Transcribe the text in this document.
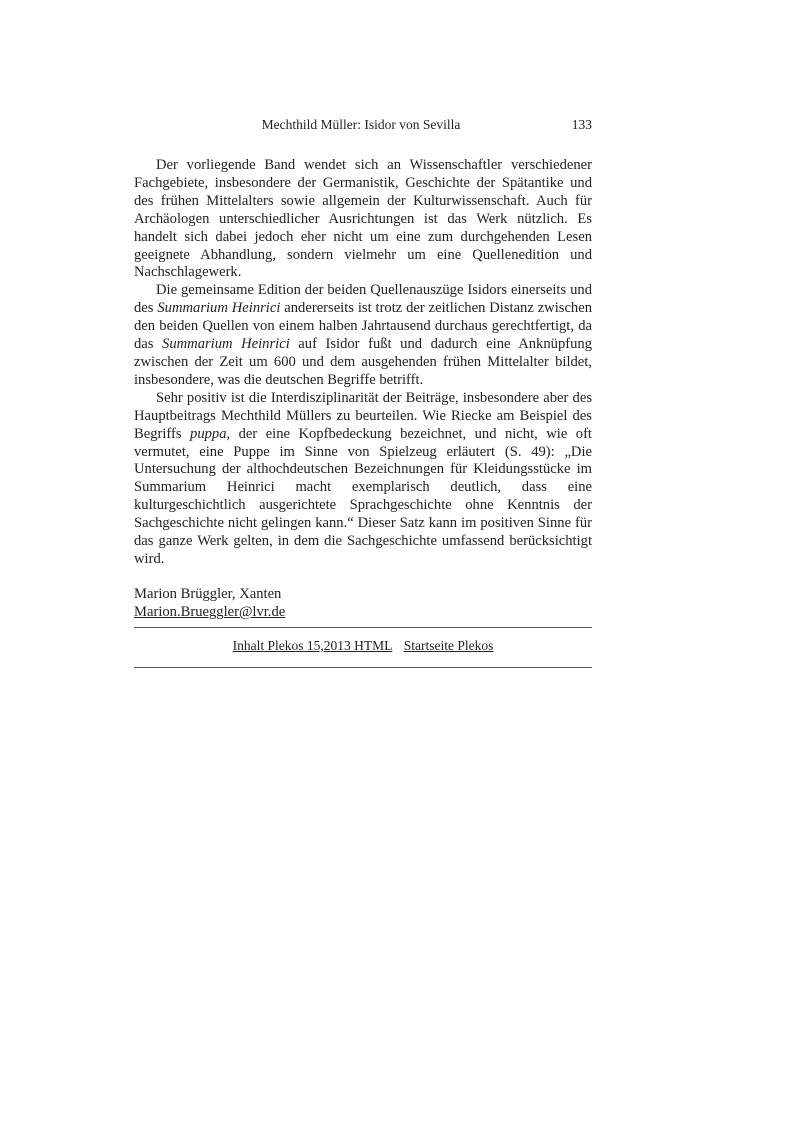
Mechthild Müller: Isidor von Sevilla	133

Der vorliegende Band wendet sich an Wissenschaftler verschiedener Fachgebiete, insbesondere der Germanistik, Geschichte der Spätantike und des frühen Mittelalters sowie allgemein der Kulturwissenschaft. Auch für Archäologen unterschiedlicher Ausrichtungen ist das Werk nützlich. Es handelt sich dabei jedoch eher nicht um eine zum durchgehenden Lesen geeignete Abhandlung, sondern vielmehr um eine Quellenedition und Nachschlagewerk.

Die gemeinsame Edition der beiden Quellenauszüge Isidors einerseits und des Summarium Heinrici andererseits ist trotz der zeitlichen Distanz zwischen den beiden Quellen von einem halben Jahrtausend durchaus gerechtfertigt, da das Summarium Heinrici auf Isidor fußt und dadurch eine Anknüpfung zwischen der Zeit um 600 und dem ausgehenden frühen Mittelalter bildet, insbesondere, was die deutschen Begriffe betrifft.

Sehr positiv ist die Interdisziplinarität der Beiträge, insbesondere aber des Hauptbeitrags Mechthild Müllers zu beurteilen. Wie Riecke am Beispiel des Begriffs puppa, der eine Kopfbedeckung bezeichnet, und nicht, wie oft vermutet, eine Puppe im Sinne von Spielzeug erläutert (S. 49): „Die Untersuchung der althochdeutschen Bezeichnungen für Kleidungsstücke im Summarium Heinrici macht exemplarisch deutlich, dass eine kulturgeschichtlich ausgerichtete Sprachgeschichte ohne Kenntnis der Sachgeschichte nicht gelingen kann.“ Dieser Satz kann im positiven Sinne für das ganze Werk gelten, in dem die Sachgeschichte umfassend berücksichtigt wird.

Marion Brüggler, Xanten
Marion.Brueggler@lvr.de
Inhalt Plekos 15,2013 HTML Startseite Plekos
